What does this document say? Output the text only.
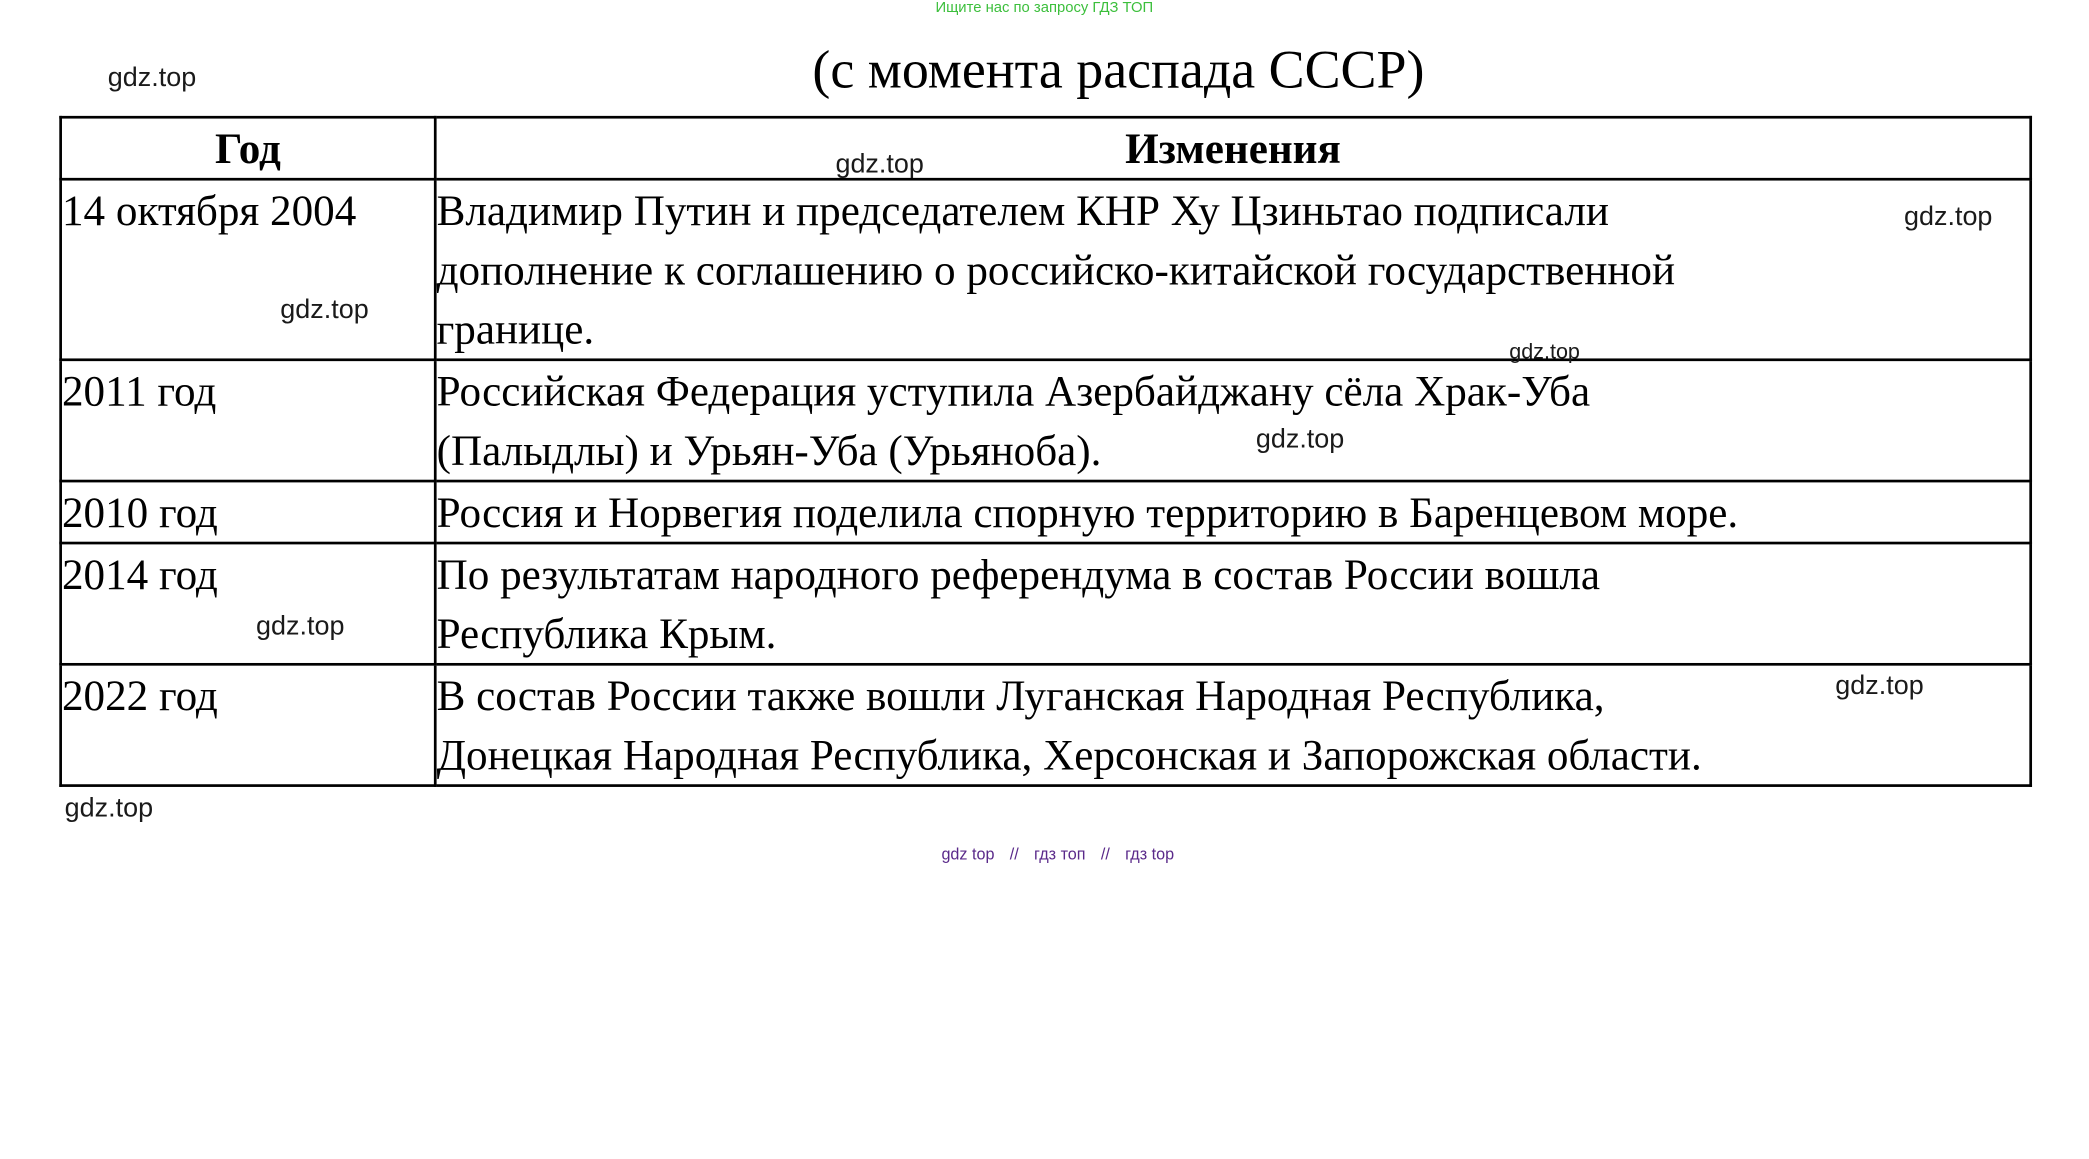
Ищите нас по запросу ГДЗ ТОП
(с момента распада СССР)
Год	Изменения
14 октября 2004	Владимир Путин и председателем КНР Ху Цзиньтао подписали
дополнение к соглашению о российско-китайской государственной
границе.

2011 год	Российская Федерация уступила Азербайджану сёла Храк-Уба
(Палыдлы) и Урьян-Уба (Урьяноба).

2010 год	Россия и Норвегия поделила спорную территорию в Баренцевом море.

2014 год	По результатам народного референдума в состав России вошла
Республика Крым.

2022 год	В состав России также вошли Луганская Народная Республика,
Донецкая Народная Республика, Херсонская и Запорожская области.
gdz.top
gdz.top
gdz.top
gdz.top
gdz.top
gdz.top
gdz.top
gdz.top
gdz.top
gdz top // гдз топ // гдз top
